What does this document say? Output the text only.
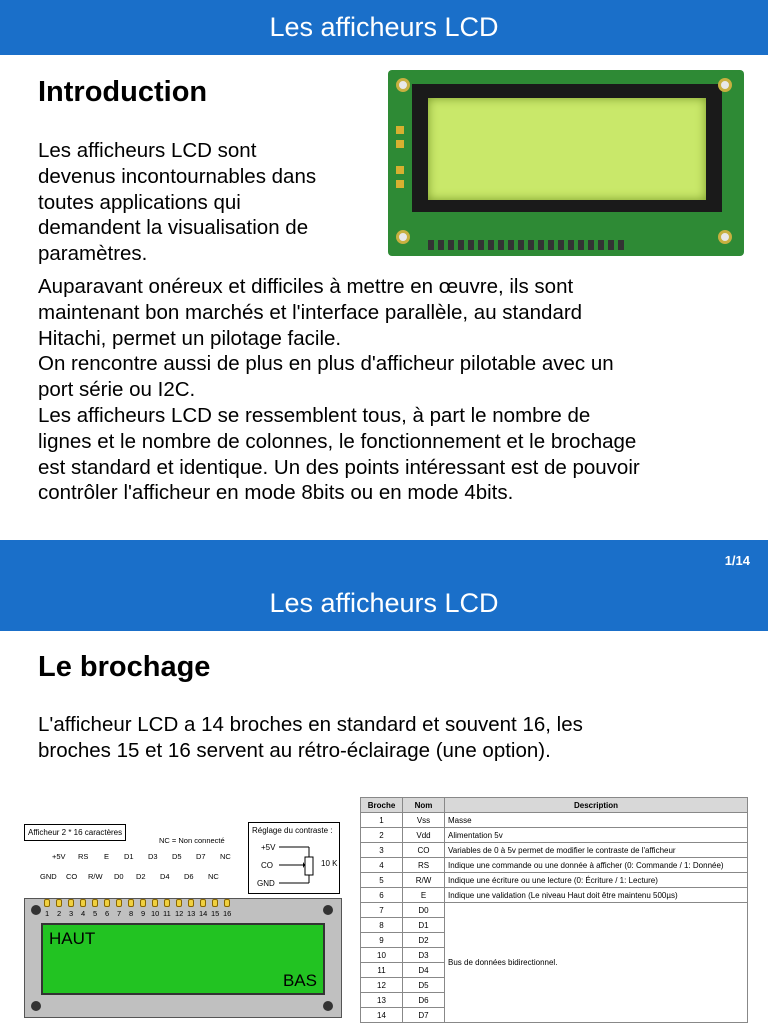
Les afficheurs LCD
Introduction
Les afficheurs LCD sont
devenus incontournables dans
toutes applications qui
demandent la visualisation de
paramètres.
Auparavant onéreux et difficiles à mettre en œuvre, ils sont
maintenant bon marchés et l'interface parallèle, au standard
Hitachi, permet un pilotage facile.
On rencontre aussi de plus en plus d'afficheur pilotable avec un
port série ou I2C.
Les afficheurs LCD se ressemblent tous, à part le nombre de
lignes et le nombre de colonnes, le fonctionnement et le brochage
est standard et identique. Un des points intéressant est de pouvoir
contrôler l'afficheur en mode 8bits ou en mode 4bits.
1/14
Les afficheurs LCD
Le brochage
L'afficheur LCD a 14 broches en standard et souvent 16, les
broches 15 et 16 servent au rétro-éclairage (une option).
Afficheur 2 * 16 caractères
NC = Non connecté
Réglage du contraste :
+5V
CO
GND
10 K
+5V RS E D1 D3 D5 D7 NC
GND CO R/W D0 D2 D4 D6 NC
HAUT
BAS
1 2 3 4 5 6 7 8 9 10 11 12 13 14 15 16
Broche	Nom	Description
1	Vss	Masse
2	Vdd	Alimentation 5v
3	CO	Variables de 0 à 5v permet de modifier le contraste de l'afficheur
4	RS	Indique une commande ou une donnée à afficher (0: Commande / 1: Donnée)
5	R/W	Indique une écriture ou une lecture (0: Écriture / 1: Lecture)
6	E	Indique une validation (Le niveau Haut doit être maintenu 500µs)
7	D0	Bus de données bidirectionnel.
8	D1	
9	D2	
10	D3	
11	D4	
12	D5	
13	D6	
14	D7	
